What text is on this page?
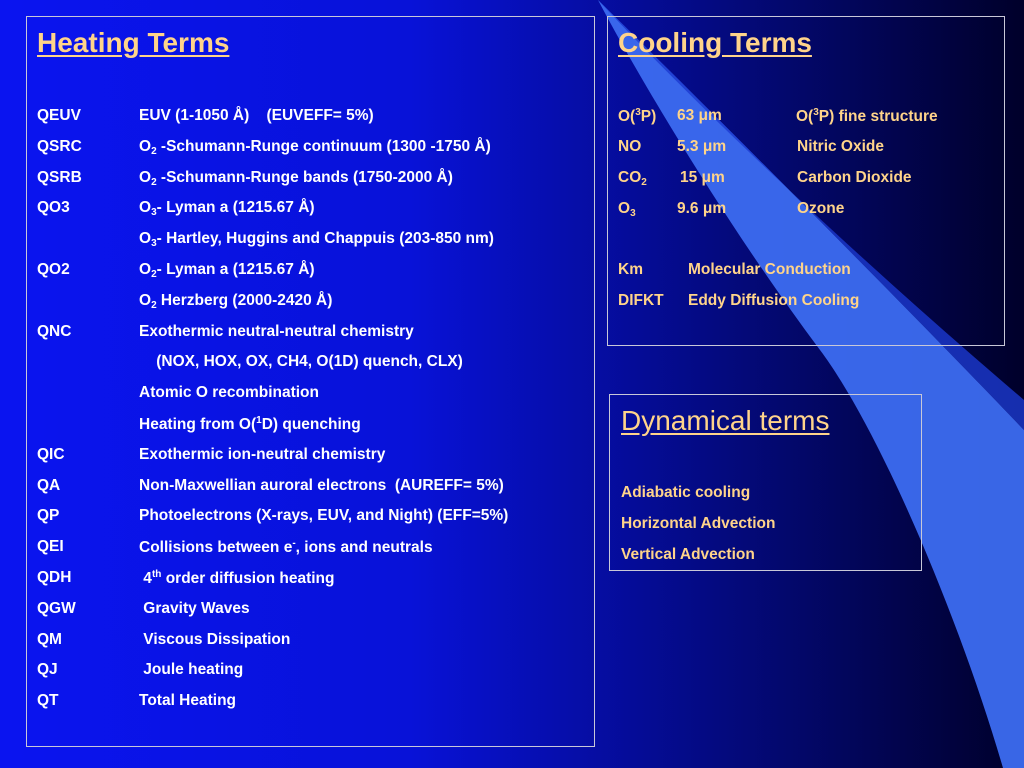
Heating Terms
QEUV	EUV (1-1050 Å)    (EUVEFF= 5%)
QSRC	$O_2$ -Schumann-Runge continuum (1300 -1750 Å)
QSRB	$O_2$ -Schumann-Runge bands (1750-2000 Å)
QO3	$O_3-$ Lyman a (1215.67 Å)
$O_3-$ Hartley, Huggins and Chappuis (203-850 nm)
QO2	$O_2-$ Lyman a (1215.67 Å)
$O_2$ Herzberg (2000-2420 Å)
QNC	Exothermic neutral-neutral chemistry
(NOX, HOX, OX, CH4, O(1D) quench, CLX)
Atomic O recombination
Heating from O($^1$D) quenching
QIC	Exothermic ion-neutral chemistry
QA	Non-Maxwellian auroral electrons  (AUREFF= 5%)
QP	Photoelectrons (X-rays, EUV, and Night) (EFF=5%)
QEI	Collisions between e-, ions and neutrals
QDH	4th order diffusion heating
QGW	Gravity Waves
QM	Viscous Dissipation
QJ	Joule heating
QT	Total Heating
Cooling Terms
O($^3$P) 63 μm	O($^3$P) fine structure
NO 5.3 μm	Nitric Oxide
$CO_2$ 15 μm	Carbon Dioxide
$O_3$	9.6 μm	Ozone
Km	Molecular Conduction
DIFKT Eddy Diffusion Cooling
Dynamical terms
Adiabatic cooling
Horizontal Advection
Vertical Advection
